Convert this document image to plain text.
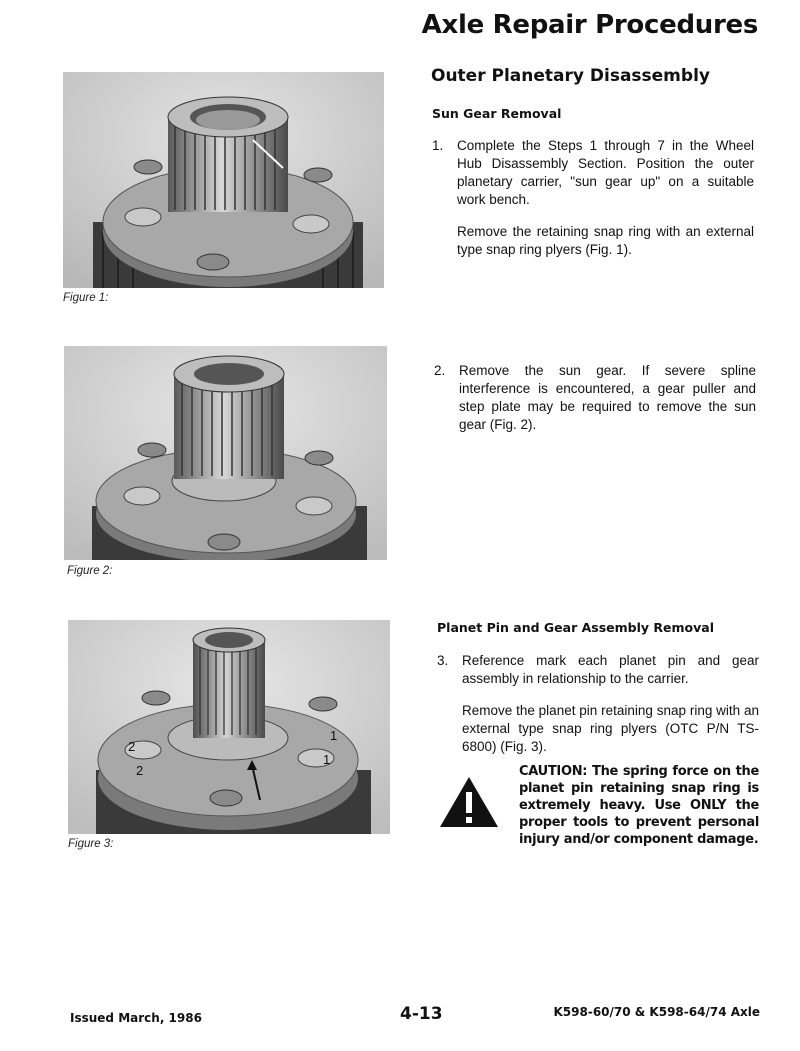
Axle Repair Procedures
Outer Planetary Disassembly
Sun Gear Removal
Figure 1:
1. Complete the Steps 1 through 7 in the Wheel Hub Disassembly Section. Position the outer planetary carrier, "sun gear up" on a suitable work bench.
Remove the retaining snap ring with an external type snap ring plyers (Fig. 1).
Figure 2:
2. Remove the sun gear. If severe spline interference is encountered, a gear puller and step plate may be required to remove the sun gear (Fig. 2).
Planet Pin and Gear Assembly Removal
2
2
1
1
Figure 3:
3. Reference mark each planet pin and gear assembly in relationship to the carrier.
Remove the planet pin retaining snap ring with an external type snap ring plyers (OTC P/N TS-6800) (Fig. 3).
CAUTION: The spring force on the planet pin retaining snap ring is extremely heavy. Use ONLY the proper tools to prevent personal injury and/or component damage.
Issued March, 1986	4-13	K598-60/70 & K598-64/74 Axle
